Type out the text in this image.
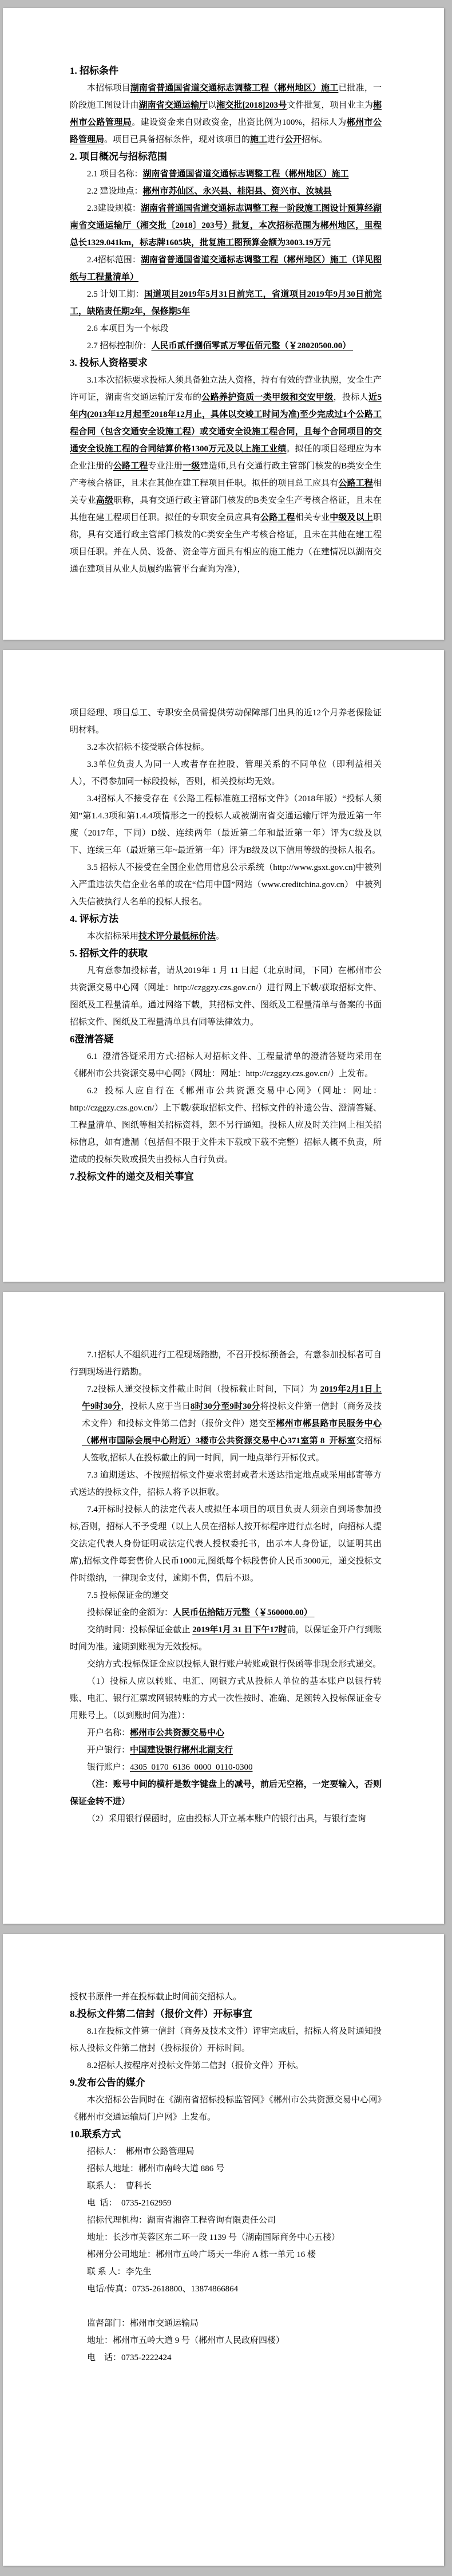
1. 招标条件

本招标项目湖南省普通国省道交通标志调整工程（郴州地区）施工已批准，一阶段施工图设计由湖南省交通运输厅以湘交批[2018]203号文件批复，项目业主为郴州市公路管理局。建设资金来自财政资金，出资比例为100%，招标人为郴州市公路管理局。项目已具备招标条件，现对该项目的施工进行公开招标。

2. 项目概况与招标范围

2.1 项目名称：湖南省普通国省道交通标志调整工程（郴州地区）施工

2.2 建设地点：郴州市苏仙区、永兴县、桂阳县、资兴市、汝城县

2.3建设规模：湖南省普通国省道交通标志调整工程一阶段施工图设计预算经湖南省交通运输厅（湘交批〔2018〕203号）批复，本次招标范围为郴州地区，里程总长1329.041km，标志牌1605块，批复施工图预算金额为3003.19万元

2.4招标范围：湖南省普通国省道交通标志调整工程（郴州地区）施工（详见图纸与工程量清单）

2.5 计划工期：国道项目2019年5月31日前完工，省道项目2019年9月30日前完工，缺陷责任期2年，保修期5年

2.6 本项目为一个标段

2.7 招标控制价：人民币贰仟捌佰零贰万零伍佰元整（￥28020500.00）

3. 投标人资格要求

3.1本次招标要求投标人须具备独立法人资格，持有有效的营业执照，安全生产许可证，湖南省交通运输厅发布的公路养护资质一类甲级和交安甲级，投标人近5年内(2013年12月起至2018年12月止，具体以交竣工时间为准)至少完成过1个公路工程合同（包含交通安全设施工程）或交通安全设施工程合同，且每个合同项目的交通安全设施工程的合同结算价格1300万元及以上施工业绩。拟任的项目经理应为本企业注册的公路工程专业注册一级建造师,具有交通行政主管部门核发的B类安全生产考核合格证，且未在其他在建工程项目任职。拟任的项目总工应具有公路工程相关专业高级职称，具有交通行政主管部门核发的B类安全生产考核合格证，且未在其他在建工程项目任职。拟任的专职安全员应具有公路工程相关专业中级及以上职称，具有交通行政主管部门核发的C类安全生产考核合格证，且未在其他在建工程项目任职。并在人员、设备、资金等方面具有相应的施工能力（在建情况以湖南交通在建项目从业人员履约监管平台查询为准），

项目经理、项目总工、专职安全员需提供劳动保障部门出具的近12个月养老保险证明材料。

3.2本次招标不接受联合体投标。

3.3单位负责人为同一人或者存在控股、管理关系的不同单位（即利益相关人），不得参加同一标段投标，否则，相关投标均无效。

3.4招标人不接受存在《公路工程标准施工招标文件》（2018年版）“投标人须知”第1.4.3项和第1.4.4项情形之一的投标人或被湖南省交通运输厅评为最近第一年度（2017年，下同）D级、连续两年（最近第二年和最近第一年）评为C级及以下、连续三年（最近第三年~最近第一年）评为B级及以下信用等级的投标人报名。

3.5 招标人不接受在全国企业信用信息公示系统（http://www.gsxt.gov.cn)中被列入严重违法失信企业名单的或在“信用中国”网站（www.creditchina.gov.cn） 中被列入失信被执行人名单的投标人报名。

4. 评标方法

本次招标采用技术评分最低标价法。

5. 招标文件的获取

凡有意参加投标者，请从2019年 1 月 11 日起（北京时间，下同）在郴州市公共资源交易中心网（网址：http://czggzy.czs.gov.cn/）进行网上下载/获取招标文件、图纸及工程量清单。通过网络下载，其招标文件、图纸及工程量清单与备案的书面招标文件、图纸及工程量清单具有同等法律效力。

6澄清答疑

6.1  澄清答疑采用方式:招标人对招标文件、工程量清单的澄清答疑均采用在《郴州市公共资源交易中心网》（网址：网址：http://czggzy.czs.gov.cn/）上发布。

6.2  投标人应自行在《郴州市公共资源交易中心网》（网址：网址：http://czggzy.czs.gov.cn/）上下载/获取招标文件、招标文件的补遗公告、澄清答疑、工程量清单、图纸等相关招标资料，恕不另行通知。投标人应及时关注网上相关招标信息，如有遗漏（包括但不限于文件未下载或下载不完整）招标人概不负责，所造成的投标失败或损失由投标人自行负责。

7.投标文件的递交及相关事宜

7.1招标人不组织进行工程现场踏勘，不召开投标预备会，有意参加投标者可自行到现场进行踏勘。

7.2投标人递交投标文件截止时间（投标截止时间，下同）为 2019年2月1日上午9时30分，投标人应于当日8时30分至9时30分将投标文件第一信封（商务及技术文件）和投标文件第二信封（报价文件）递交至郴州市郴县路市民服务中心（郴州市国际会展中心附近）3楼市公共资源交易中心371室第 8  开标室交招标人签收,招标人在投标截止的同一时间，同一地点举行开标仪式。

7.3 逾期送达、不按照招标文件要求密封或者未送达指定地点或采用邮寄等方式送达的投标文件，招标人将予以拒收。

7.4开标时投标人的法定代表人或拟任本项目的项目负责人须亲自到场参加投标,否则，招标人不予受理（以上人员在招标人按开标程序进行点名时，向招标人提交法定代表人身份证明或法定代表人授权委托书，出示本人身份证，以证明其出席),招标文件每套售价人民币1000元,图纸每个标段售价人民币3000元，递交投标文件时缴纳，一律现金支付，逾期不售，售后不退。

7.5 投标保证金的递交

投标保证金的金额为：人民币伍拾陆万元整（￥560000.00）

交纳时间：投标保证金截止 2019年1月 31 日下午17时前，以保证金开户行到账时间为准。逾期到账视为无效投标。

交纳方式:投标保证金应以投标人银行账户转账或银行保函等非现金形式递交。

（1）投标人应以转账、电汇、网银方式从投标人单位的基本账户以银行转账、电汇、银行汇票或网银转账的方式一次性按时、准确、足额转入投标保证金专用账号上。（以到账时间为准）：

开户名称：郴州市公共资源交易中心

开户银行：中国建设银行郴州北湖支行

银行账户：4305  0170  6136  0000  0110-0300

（注：账号中间的横杆是数字键盘上的减号，前后无空格，一定要输入，否则保证金转不进）

（2）采用银行保函时，应由投标人开立基本账户的银行出具，与银行查询

授权书原件一并在投标截止时间前交招标人。

8.投标文件第二信封（报价文件）开标事宜

8.1在投标文件第一信封（商务及技术文件）评审完成后，招标人将及时通知投标人投标文件第二信封（投标报价）开标时间。

8.2招标人按程序对投标文件第二信封（报价文件）开标。

9.发布公告的媒介

本次招标公告同时在《湖南省招标投标监管网》《郴州市公共资源交易中心网》《郴州市交通运输局门户网》上发布。

10.联系方式

招标人：  郴州市公路管理局

招标人地址：郴州市南岭大道 886 号

联系人：  曹科长

电  话：  0735-2162959

招标代理机构：湖南省湘咨工程咨询有限责任公司

地址：长沙市芙蓉区东二环一段 1139 号（湖南国际商务中心五楼）

郴州分公司地址：郴州市五岭广场天一华府 A 栋一单元 16 楼

联 系 人：李先生

电话/传真：0735-2618800、13874866864

监督部门：郴州市交通运输局

地址：郴州市五岭大道 9 号（郴州市人民政府四楼）

电    话：0735-2222424
